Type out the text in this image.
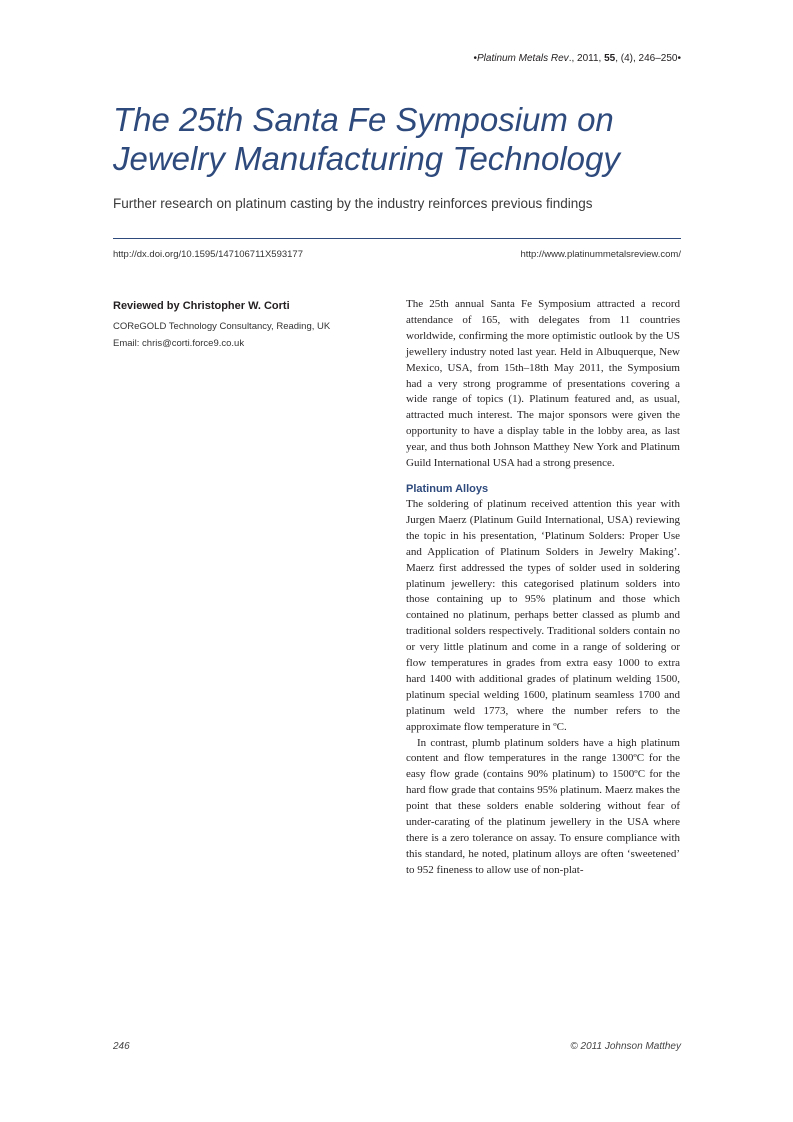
•Platinum Metals Rev., 2011, 55, (4), 246–250•
The 25th Santa Fe Symposium on Jewelry Manufacturing Technology
Further research on platinum casting by the industry reinforces previous findings
http://dx.doi.org/10.1595/147106711X593177	http://www.platinummetalsreview.com/
Reviewed by Christopher W. Corti
COReGOLD Technology Consultancy, Reading, UK
Email: chris@corti.force9.co.uk

The 25th annual Santa Fe Symposium attracted a record attendance of 165, with delegates from 11 countries worldwide, confirming the more optimistic outlook by the US jewellery industry noted last year. Held in Albuquerque, New Mexico, USA, from 15th–18th May 2011, the Symposium had a very strong programme of presentations covering a wide range of topics (1). Platinum featured and, as usual, attracted much interest. The major sponsors were given the opportunity to have a display table in the lobby area, as last year, and thus both Johnson Matthey New York and Platinum Guild International USA had a strong presence.

Platinum Alloys

The soldering of platinum received attention this year with Jurgen Maerz (Platinum Guild International, USA) reviewing the topic in his presentation, ‘Platinum Solders: Proper Use and Application of Platinum Solders in Jewelry Making’. Maerz first addressed the types of solder used in soldering platinum jewellery: this categorised platinum solders into those containing up to 95% platinum and those which contained no platinum, perhaps better classed as plumb and traditional solders respectively. Traditional solders contain no or very little platinum and come in a range of soldering or flow temperatures in grades from extra easy 1000 to extra hard 1400 with additional grades of platinum welding 1500, platinum special welding 1600, platinum seamless 1700 and platinum weld 1773, where the number refers to the approximate flow temperature in ºC.

In contrast, plumb platinum solders have a high platinum content and flow temperatures in the range 1300ºC for the easy flow grade (contains 90% platinum) to 1500ºC for the hard flow grade that contains 95% platinum. Maerz makes the point that these solders enable soldering without fear of under-carating of the platinum jewellery in the USA where there is a zero tolerance on assay. To ensure compliance with this standard, he noted, platinum alloys are often ‘sweetened’ to 952 fineness to allow use of non-plat-

246	© 2011 Johnson Matthey
